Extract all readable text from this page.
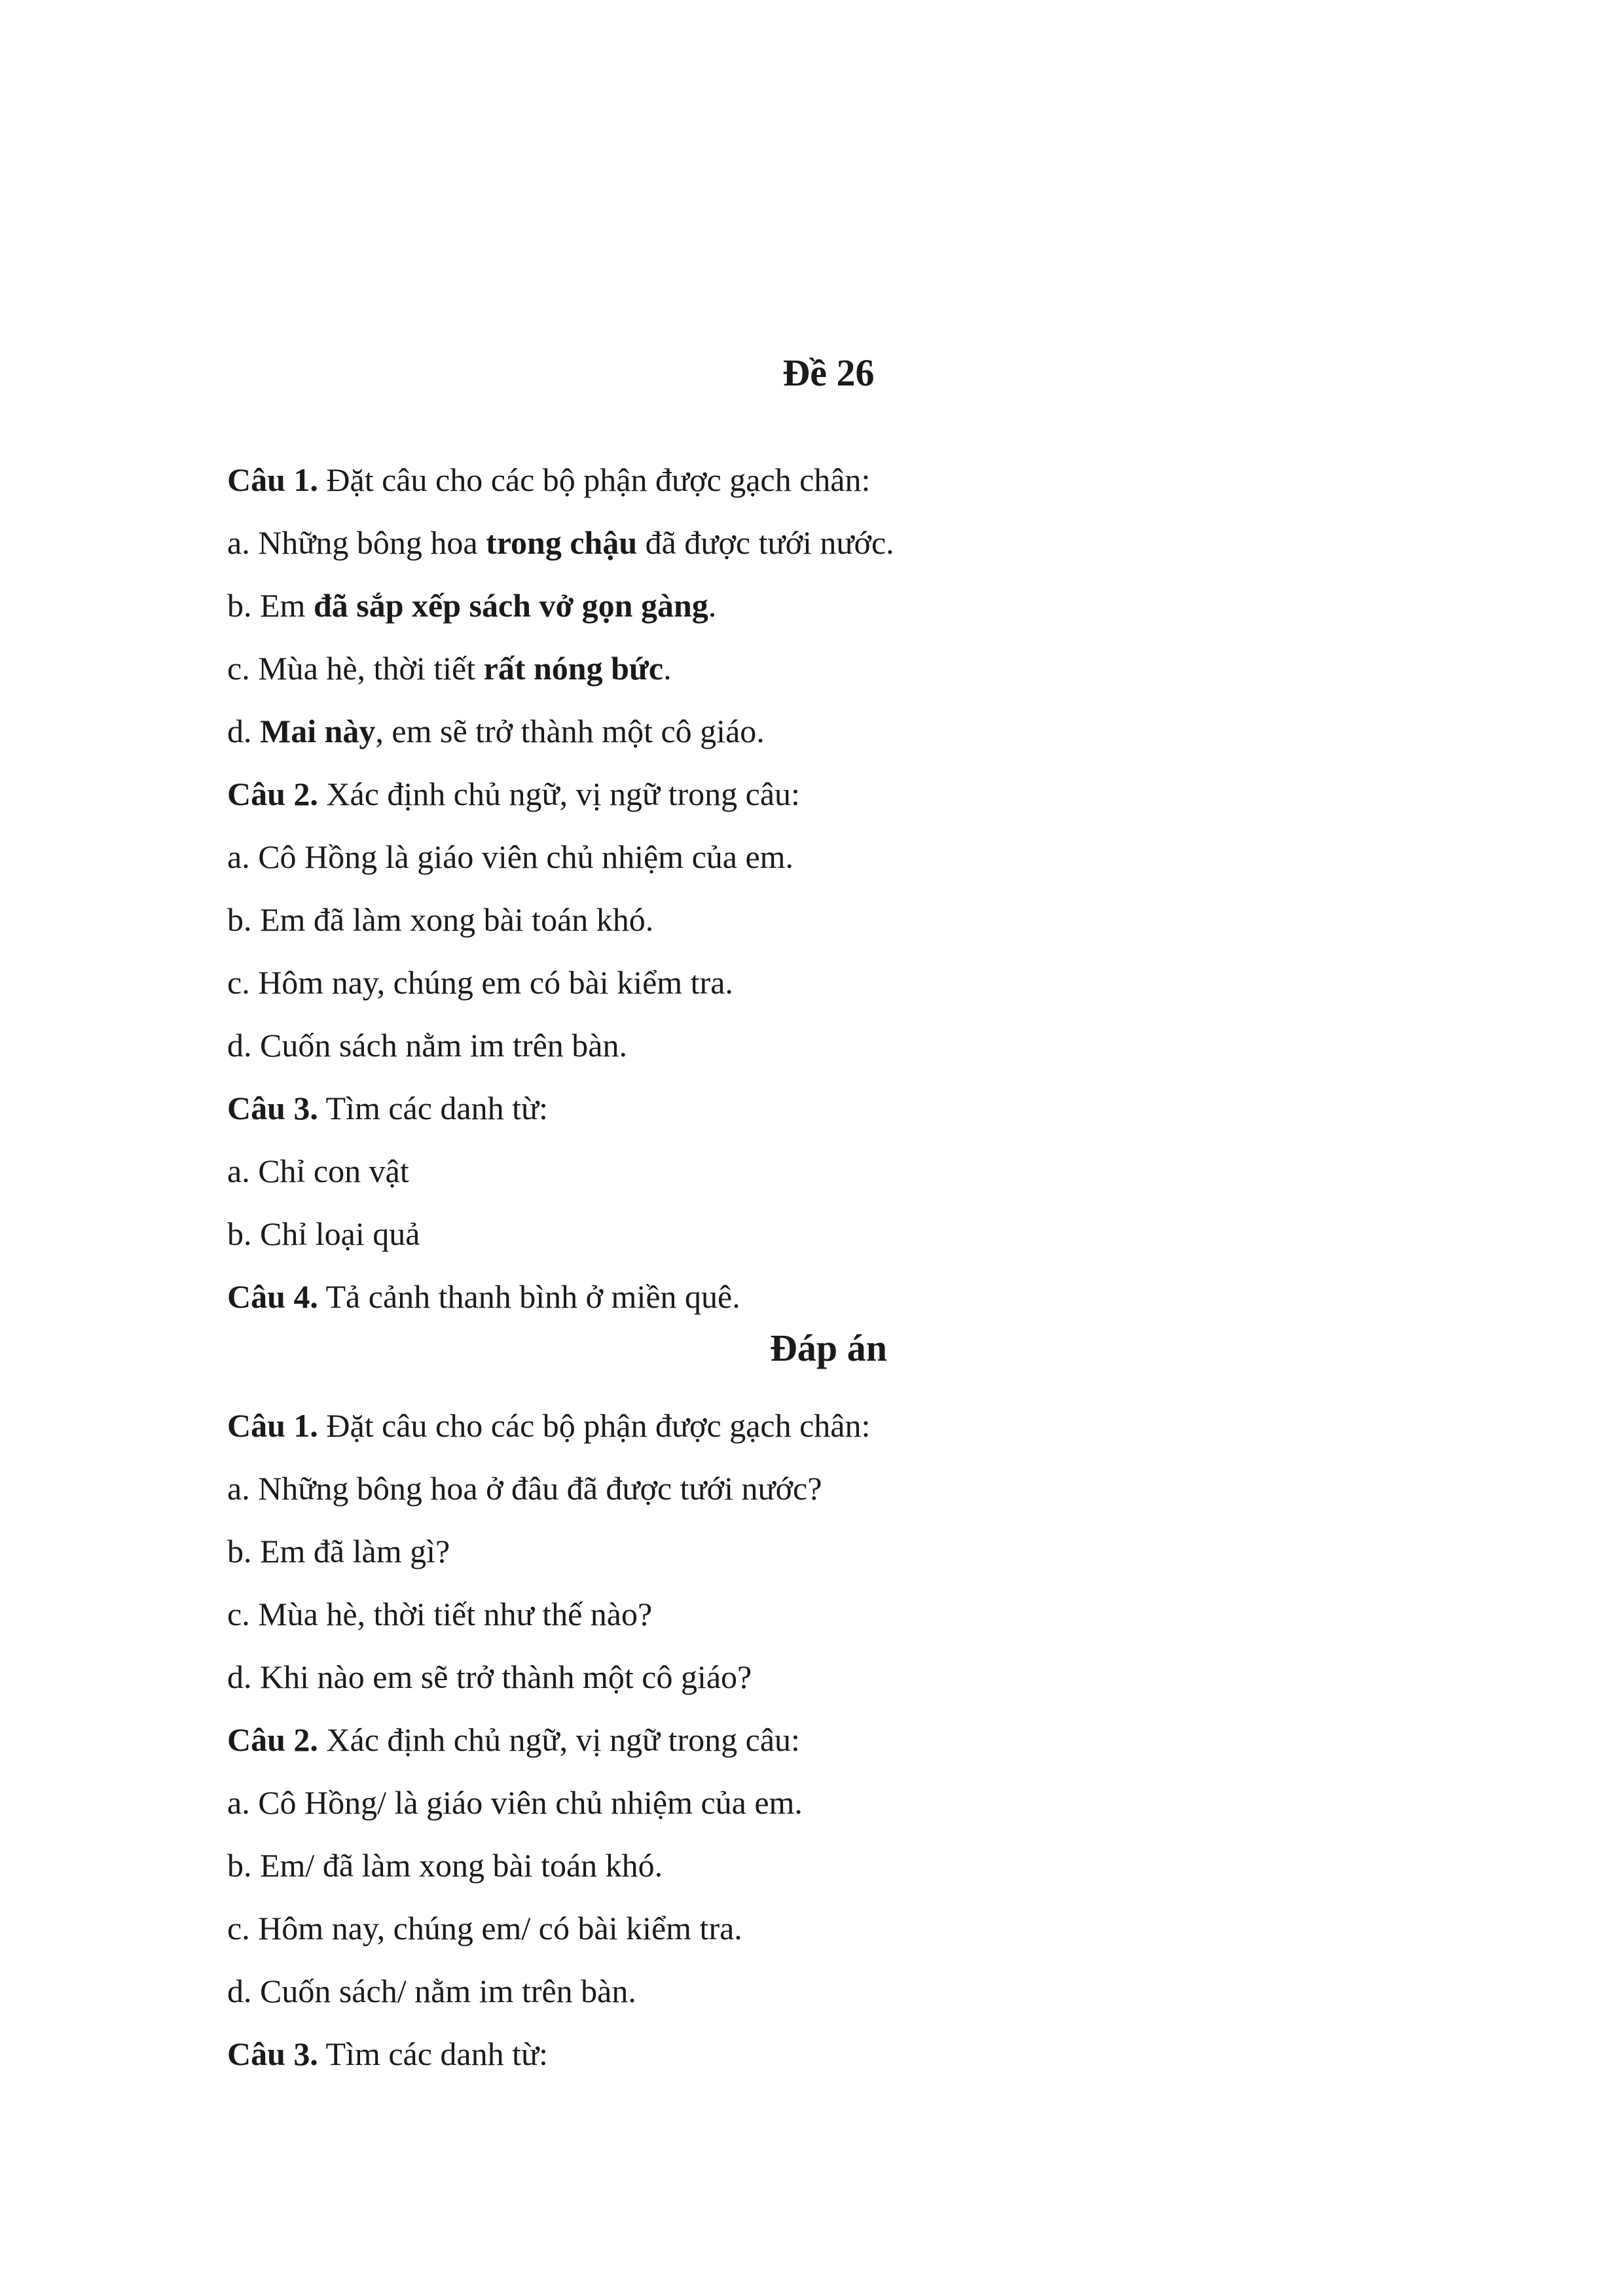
Đề 26

Câu 1. Đặt câu cho các bộ phận được gạch chân:

a. Những bông hoa trong chậu đã được tưới nước.

b. Em đã sắp xếp sách vở gọn gàng.

c. Mùa hè, thời tiết rất nóng bức.

d. Mai này, em sẽ trở thành một cô giáo.

Câu 2. Xác định chủ ngữ, vị ngữ trong câu:

a. Cô Hồng là giáo viên chủ nhiệm của em.

b. Em đã làm xong bài toán khó.

c. Hôm nay, chúng em có bài kiểm tra.

d. Cuốn sách nằm im trên bàn.

Câu 3. Tìm các danh từ:

a. Chỉ con vật

b. Chỉ loại quả

Câu 4. Tả cảnh thanh bình ở miền quê.

Đáp án

Câu 1. Đặt câu cho các bộ phận được gạch chân:

a. Những bông hoa ở đâu đã được tưới nước?

b. Em đã làm gì?

c. Mùa hè, thời tiết như thế nào?

d. Khi nào em sẽ trở thành một cô giáo?

Câu 2. Xác định chủ ngữ, vị ngữ trong câu:

a. Cô Hồng/ là giáo viên chủ nhiệm của em.

b. Em/ đã làm xong bài toán khó.

c. Hôm nay, chúng em/ có bài kiểm tra.

d. Cuốn sách/ nằm im trên bàn.

Câu 3. Tìm các danh từ:
